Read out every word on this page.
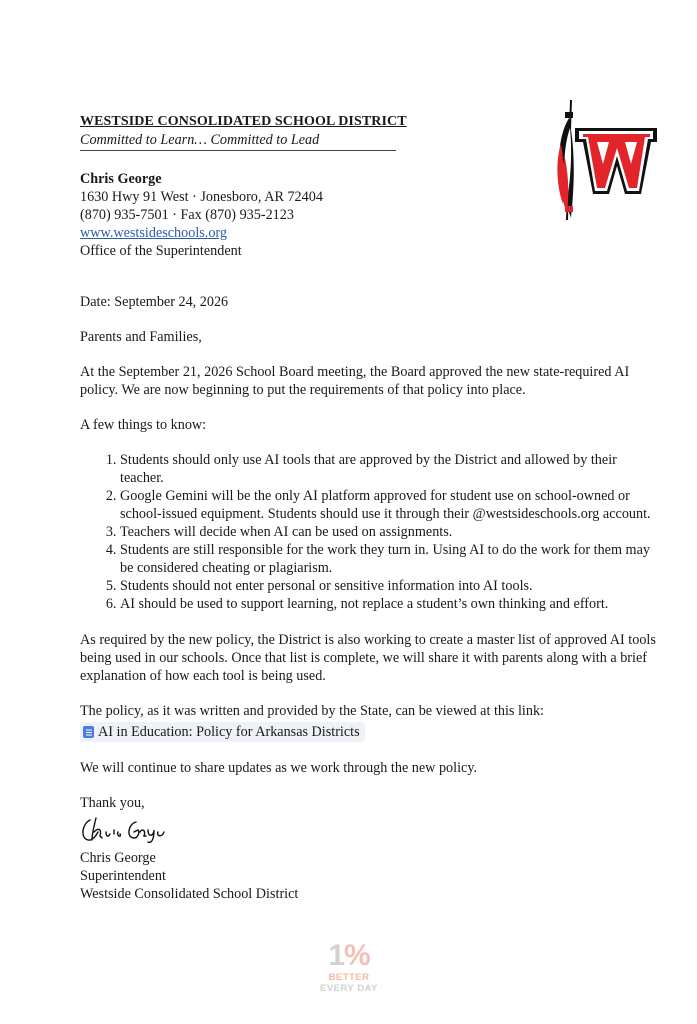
WESTSIDE CONSOLIDATED SCHOOL DISTRICT
Committed to Learn… Committed to Lead
Chris George
1630 Hwy 91 West · Jonesboro, AR 72404
(870) 935-7501 · Fax (870) 935-2123
www.westsideschools.org
Office of the Superintendent

Date: September 24, 2026

Parents and Families,

At the September 21, 2026 School Board meeting, the Board approved the new state-required AI policy. We are now beginning to put the requirements of that policy into place.

A few things to know:

1. Students should only use AI tools that are approved by the District and allowed by their teacher.
2. Google Gemini will be the only AI platform approved for student use on school-owned or school-issued equipment. Students should use it through their @westsideschools.org account.
3. Teachers will decide when AI can be used on assignments.
4. Students are still responsible for the work they turn in. Using AI to do the work for them may be considered cheating or plagiarism.
5. Students should not enter personal or sensitive information into AI tools.
6. AI should be used to support learning, not replace a student’s own thinking and effort.

As required by the new policy, the District is also working to create a master list of approved AI tools being used in our schools. Once that list is complete, we will share it with parents along with a brief explanation of how each tool is being used.

The policy, as it was written and provided by the State, can be viewed at this link:

AI in Education: Policy for Arkansas Districts

We will continue to share updates as we work through the new policy.

Thank you,
Chris George
Superintendent
Westside Consolidated School District
1%
BETTER
EVERY DAY
